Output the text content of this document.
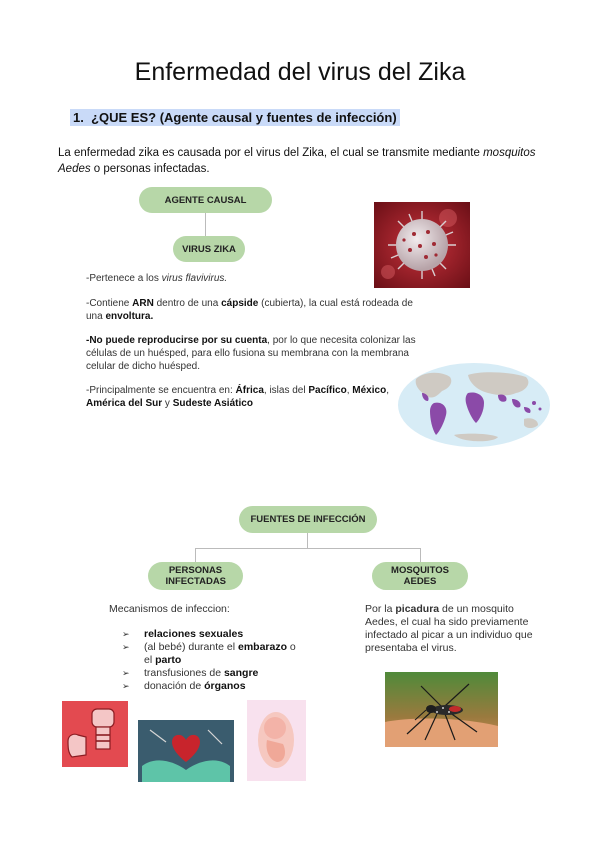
Enfermedad del virus del Zika
1. ¿QUE ES? (Agente causal y fuentes de infección)
La enfermedad zika es causada por el virus del Zika, el cual se transmite mediante mosquitos Aedes o personas infectadas.
AGENTE CAUSAL
VIRUS ZIKA
-Pertenece a los virus flavivirus.
-Contiene ARN dentro de una cápside (cubierta), la cual está rodeada de una envoltura.
-No puede reproducirse por su cuenta, por lo que necesita colonizar las células de un huésped, para ello fusiona su membrana con la membrana celular de dicho huésped.
-Principalmente se encuentra en: África, islas del Pacífico, México, América del Sur y Sudeste Asiático
FUENTES DE INFECCIÓN
PERSONAS INFECTADAS
MOSQUITOS AEDES
Mecanismos de infeccion:
➢ relaciones sexuales
➢ (al bebé) durante el embarazo o el parto
➢ transfusiones de sangre
➢ donación de órganos
Por la picadura de un mosquito Aedes, el cual ha sido previamente infectado al picar a un individuo que presentaba el virus.
